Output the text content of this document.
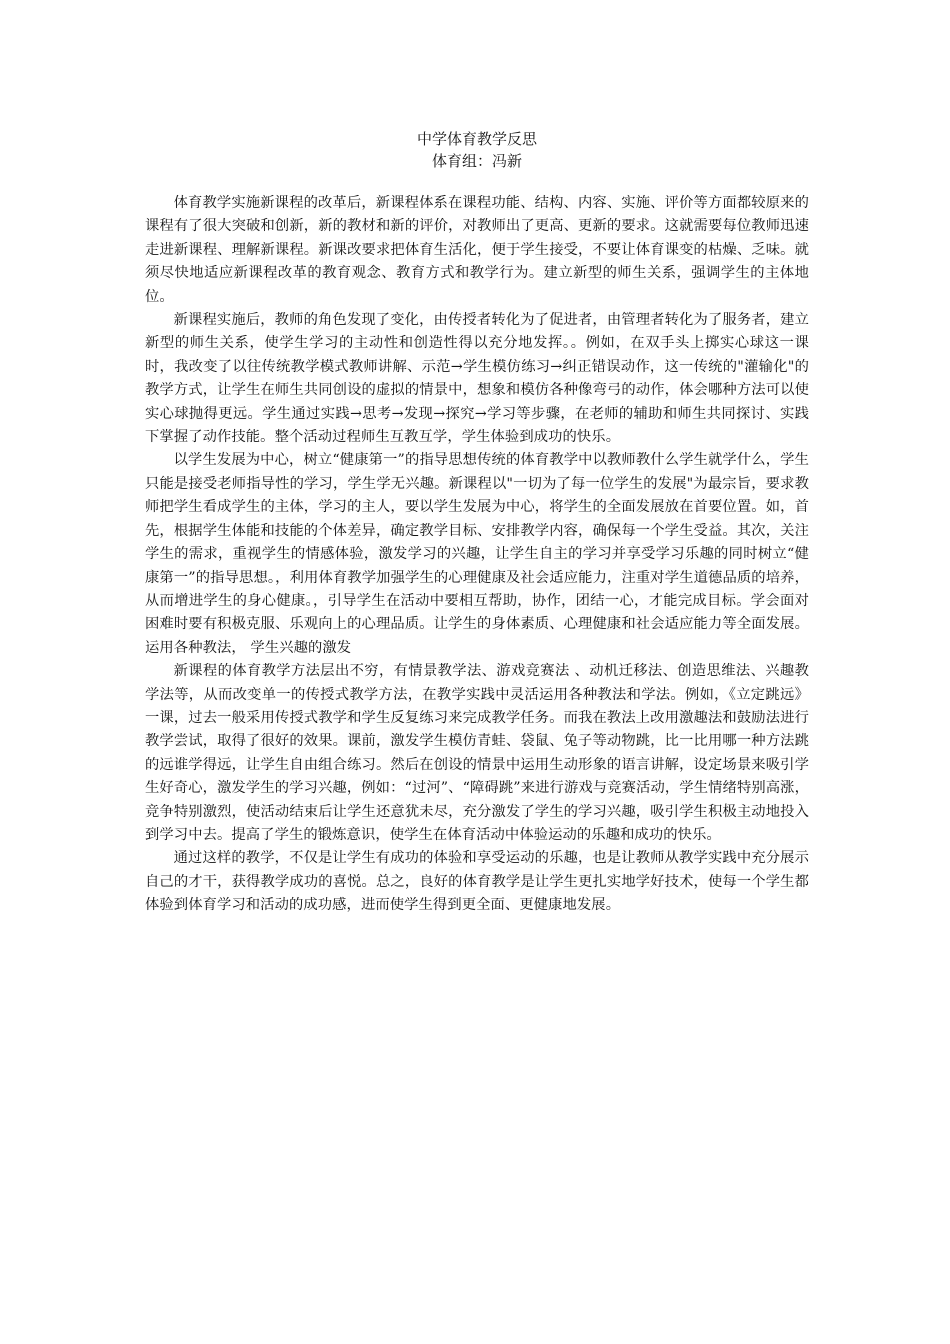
中学体育教学反思
体育组：冯新

体育教学实施新课程的改革后，新课程体系在课程功能、结构、内容、实施、评价等方面都较原来的课程有了很大突破和创新，新的教材和新的评价，对教师出了更高、更新的要求。这就需要每位教师迅速走进新课程、理解新课程。新课改要求把体育生活化，便于学生接受，不要让体育课变的枯燥、乏味。就须尽快地适应新课程改革的教育观念、教育方式和教学行为。建立新型的师生关系，强调学生的主体地位。

新课程实施后，教师的角色发现了变化，由传授者转化为了促进者，由管理者转化为了服务者，建立新型的师生关系，使学生学习的主动性和创造性得以充分地发挥。。例如，在双手头上掷实心球这一课时，我改变了以往传统教学模式教师讲解、示范→学生模仿练习→纠正错误动作，这一传统的"灌输化"的教学方式，让学生在师生共同创设的虚拟的情景中，想象和模仿各种像弯弓的动作，体会哪种方法可以使实心球抛得更远。学生通过实践→思考→发现→探究→学习等步骤，在老师的辅助和师生共同探讨、实践下掌握了动作技能。整个活动过程师生互教互学，学生体验到成功的快乐。

以学生发展为中心，树立“健康第一”的指导思想传统的体育教学中以教师教什么学生就学什么，学生只能是接受老师指导性的学习，学生学无兴趣。新课程以"一切为了每一位学生的发展"为最宗旨，要求教师把学生看成学生的主体，学习的主人，要以学生发展为中心，将学生的全面发展放在首要位置。如，首先，根据学生体能和技能的个体差异，确定教学目标、安排教学内容，确保每一个学生受益。其次，关注学生的需求，重视学生的情感体验，激发学习的兴趣，让学生自主的学习并享受学习乐趣的同时树立“健康第一”的指导思想。，利用体育教学加强学生的心理健康及社会适应能力，注重对学生道德品质的培养，从而增进学生的身心健康。，引导学生在活动中要相互帮助，协作，团结一心，才能完成目标。学会面对困难时要有积极克服、乐观向上的心理品质。让学生的身体素质、心理健康和社会适应能力等全面发展。运用各种教法， 学生兴趣的激发

新课程的体育教学方法层出不穷，有情景教学法、游戏竞赛法 、动机迁移法、创造思维法、兴趣教学法等，从而改变单一的传授式教学方法，在教学实践中灵活运用各种教法和学法。例如，《立定跳远》一课，过去一般采用传授式教学和学生反复练习来完成教学任务。而我在教法上改用激趣法和鼓励法进行教学尝试，取得了很好的效果。课前，激发学生模仿青蛙、袋鼠、兔子等动物跳，比一比用哪一种方法跳的远谁学得远，让学生自由组合练习。然后在创设的情景中运用生动形象的语言讲解，设定场景来吸引学生好奇心，激发学生的学习兴趣，例如：“过河”、“障碍跳”来进行游戏与竞赛活动，学生情绪特别高涨，竞争特别激烈，使活动结束后让学生还意犹未尽，充分激发了学生的学习兴趣，吸引学生积极主动地投入到学习中去。提高了学生的锻炼意识，使学生在体育活动中体验运动的乐趣和成功的快乐。

通过这样的教学，不仅是让学生有成功的体验和享受运动的乐趣，也是让教师从教学实践中充分展示自己的才干，获得教学成功的喜悦。总之，良好的体育教学是让学生更扎实地学好技术，使每一个学生都体验到体育学习和活动的成功感，进而使学生得到更全面、更健康地发展。
